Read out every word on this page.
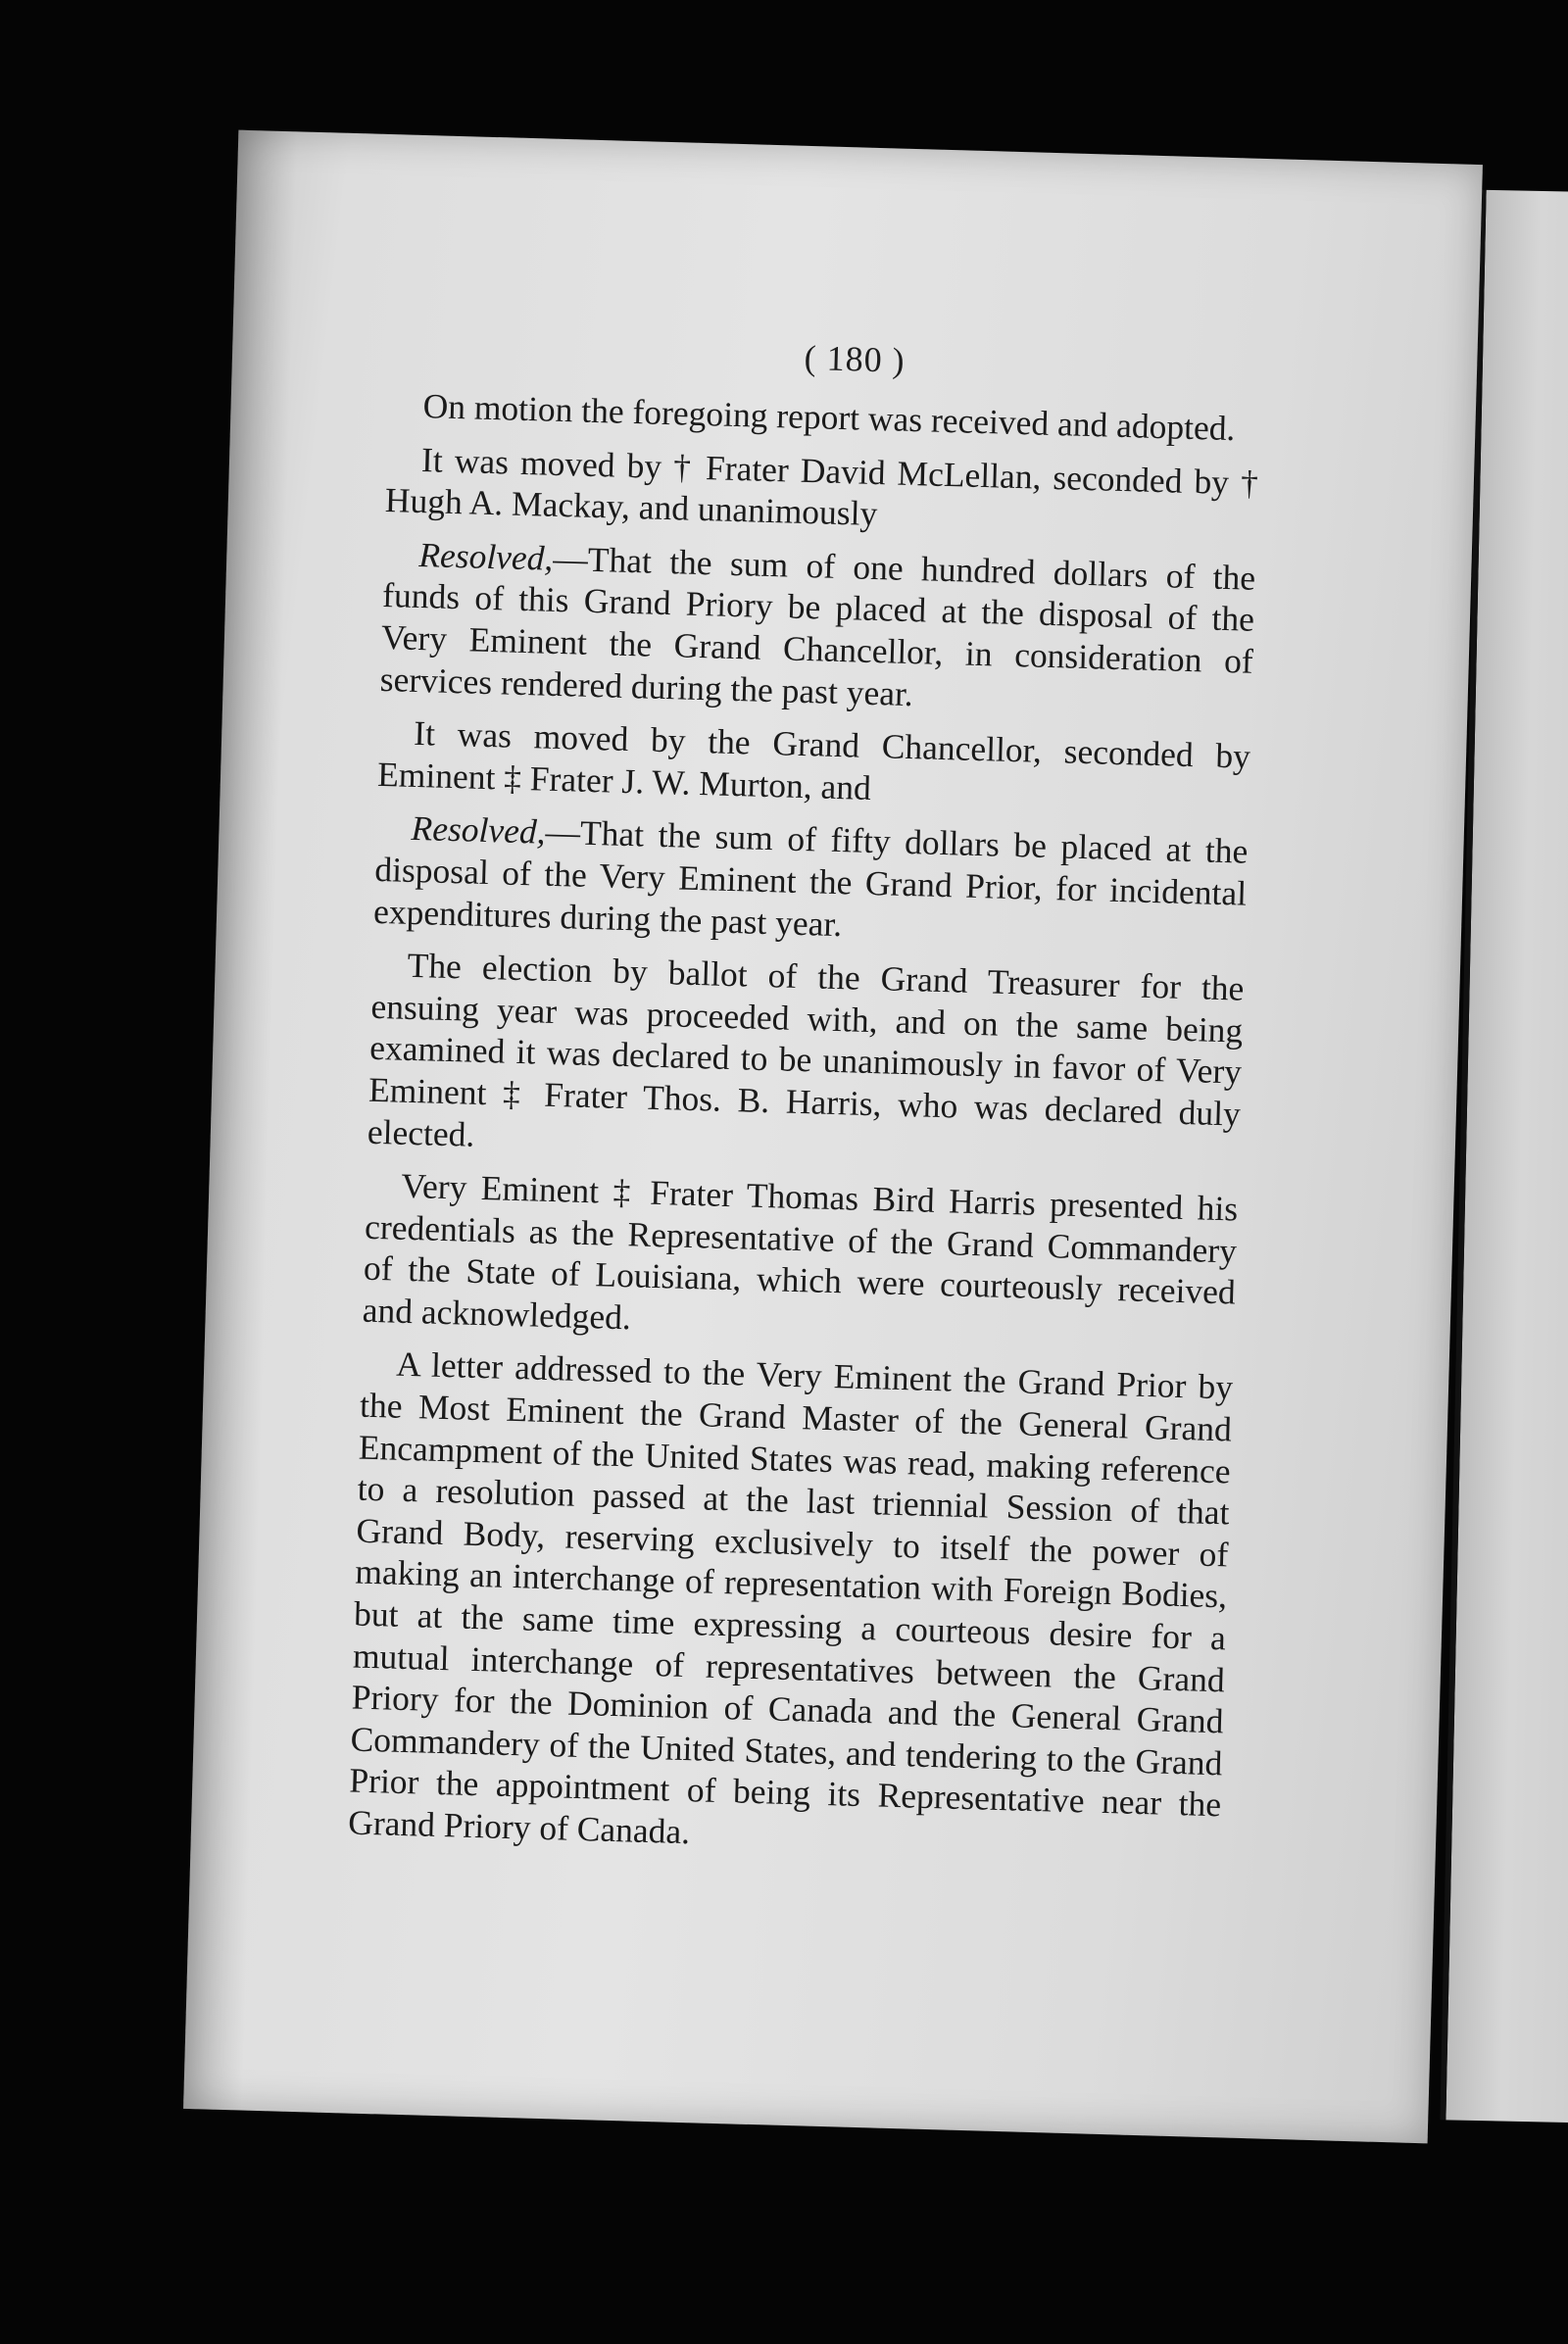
( 180 )

On motion the foregoing report was received and adopted.

It was moved by † Frater David McLellan, seconded by † Hugh A. Mackay, and unanimously

Resolved,—That the sum of one hundred dollars of the funds of this Grand Priory be placed at the disposal of the Very Eminent the Grand Chancellor, in consideration of services rendered during the past year.

It was moved by the Grand Chancellor, seconded by Eminent ‡ Frater J. W. Murton, and

Resolved,—That the sum of fifty dollars be placed at the disposal of the Very Eminent the Grand Prior, for incidental expenditures during the past year.

The election by ballot of the Grand Treasurer for the ensuing year was proceeded with, and on the same being examined it was declared to be unanimously in favor of Very Eminent ‡ Frater Thos. B. Harris, who was declared duly elected.

Very Eminent ‡ Frater Thomas Bird Harris presented his credentials as the Representative of the Grand Commandery of the State of Louisiana, which were courteously received and acknowledged.

A letter addressed to the Very Eminent the Grand Prior by the Most Eminent the Grand Master of the General Grand Encampment of the United States was read, making reference to a resolution passed at the last triennial Session of that Grand Body, reserving exclusively to itself the power of making an interchange of representation with Foreign Bodies, but at the same time expressing a courteous desire for a mutual interchange of representatives between the Grand Priory for the Dominion of Canada and the General Grand Commandery of the United States, and tendering to the Grand Prior the appointment of being its Representative near the Grand Priory of Canada.
